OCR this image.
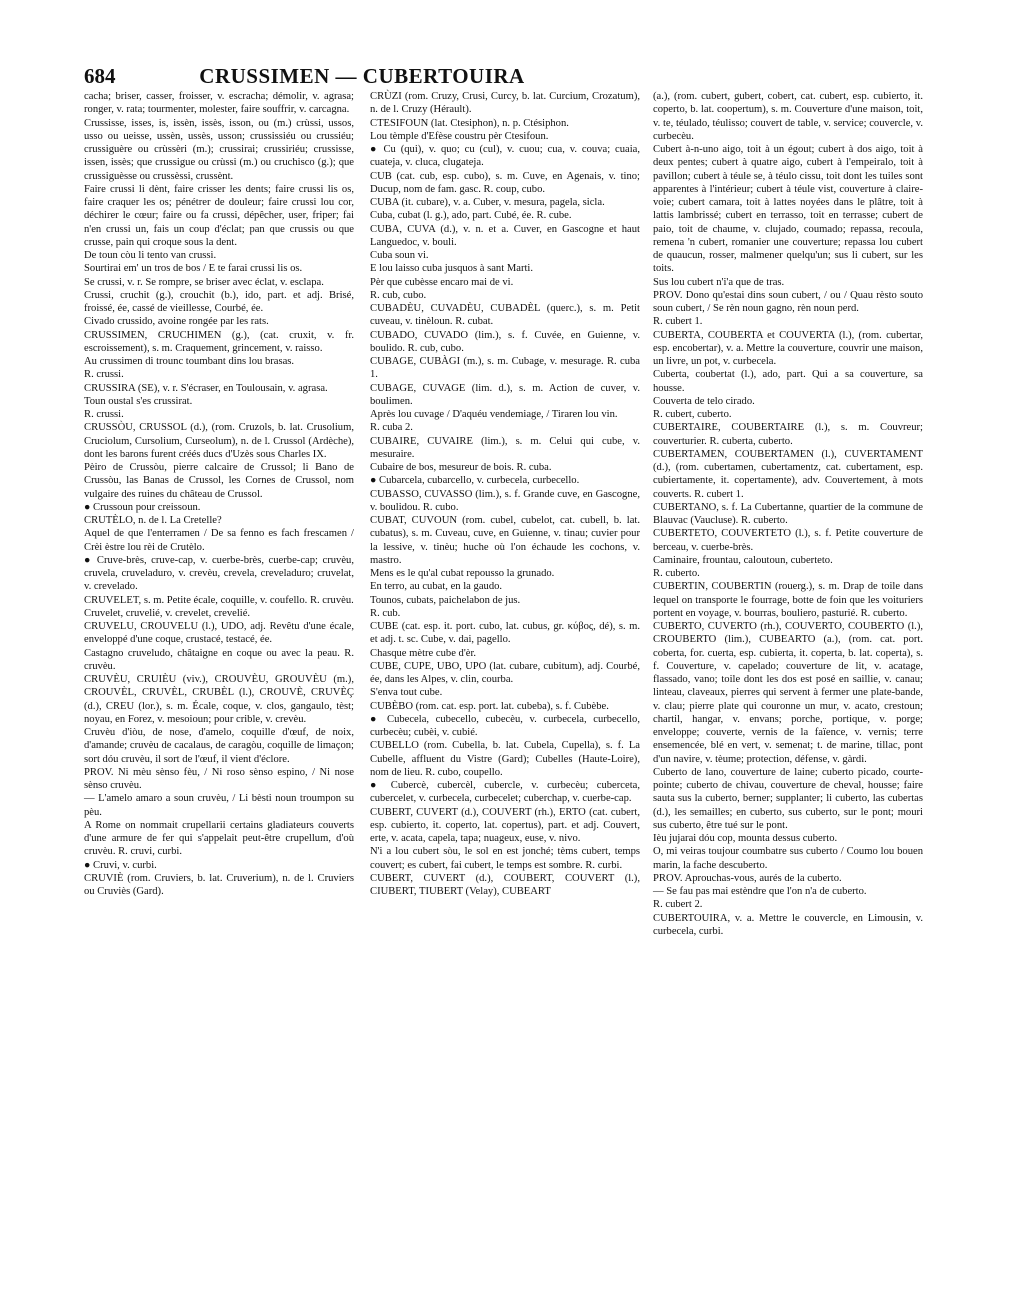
684	CRUSSIMEN — CUBERTOUIRA

cacha; briser, casser, froisser, v. escracha; démolir, v. agrasa; ronger, v. rata; tourmenter, molester, faire souffrir, v. carcagna.

Crussisse, isses, is, issèn, issès, isson, ou (m.) crùssi, ussos, usso ou ueisse, ussèn, ussès, usson; crussissiéu ou crussiéu; crussiguère ou crùssèri (m.); crussirai; crussiriéu; crussisse, issen, issès; que crussigue ou crùssi (m.) ou cruchisco (g.); que crussiguèsse ou crussèssi, crussènt.

Faire crussi li dènt, faire crisser les dents; faire crussi lis os, faire craquer les os; pénétrer de douleur; faire crussi lou cor, déchirer le cœur; faire ou fa crussi, dépêcher, user, friper; fai n'en crussi un, fais un coup d'éclat; pan que crussis ou que crusse, pain qui croque sous la dent.

De toun còu li tento van crussi.

Sourtirai em' un tros de bos / E te farai crussi lis os.

Se crussi, v. r. Se rompre, se briser avec éclat, v. esclapa.

Crussi, cruchit (g.), crouchit (b.), ido, part. et adj. Brisé, froissé, ée, cassé de vieillesse, Courbé, ée.

Civado crussido, avoine rongée par les rats.

CRUSSIMEN, CRUCHIMEN (g.), (cat. cruxit, v. fr. escroissement), s. m. Craquement, grincement, v. raisso.

Au crussimen di trounc toumbant dins lou brasas.

R. crussi.

CRUSSIRA (SE), v. r. S'écraser, en Toulousain, v. agrasa.

Toun oustal s'es crussirat.

R. crussi.

CRUSSÒU, CRUSSOL (d.), (rom. Cruzols, b. lat. Crusolium, Cruciolum, Cursolium, Curseolum), n. de l. Crussol (Ardèche), dont les barons furent créés ducs d'Uzès sous Charles IX.

Pèiro de Crussòu, pierre calcaire de Crussol; li Bano de Crussòu, las Banas de Crussol, les Cornes de Crussol, nom vulgaire des ruines du château de Crussol.

● Crussoun pour creissoun.

CRUTÈLO, n. de l. La Cretelle?

Aquel de que l'enterramen / De sa fenno es fach frescamen / Crèi èstre lou rèi de Crutèlo.

● Cruve-brès, cruve-cap, v. cuerbe-brès, cuerbe-cap; cruvèu, cruvela, cruveladuro, v. crevèu, crevela, creveladuro; cruvelat, v. crevelado.

CRUVELET, s. m. Petite écale, coquille, v. coufello. R. cruvèu.

Cruvelet, cruvelié, v. crevelet, crevelié.

CRUVELU, CROUVELU (l.), UDO, adj. Revêtu d'une écale, enveloppé d'une coque, crustacé, testacé, ée.

Castagno cruveludo, châtaigne en coque ou avec la peau. R. cruvèu.

CRUVÈU, CRUIÈU (viv.), CROUVÈU, GROUVÈU (m.), CROUVÈL, CRUVÈL, CRUBÈL (l.), CROUVÈ, CRUVÈÇ (d.), CREU (lor.), s. m. Écale, coque, v. clos, gangaulo, tèst; noyau, en Forez, v. mesoioun; pour crible, v. crevèu.

Cruvèu d'iòu, de nose, d'amelo, coquille d'œuf, de noix, d'amande; cruvèu de cacalaus, de caragòu, coquille de limaçon; sort dóu cruvèu, il sort de l'œuf, il vient d'éclore.

PROV. Ni mèu sènso fèu, / Ni roso sènso espino, / Ni nose sènso cruvèu.

— L'amelo amaro a soun cruvèu, / Li bèsti noun troumpon su pèu.

A Rome on nommait crupellarii certains gladiateurs couverts d'une armure de fer qui s'appelait peut-être crupellum, d'où cruvèu. R. cruvi, curbi.

● Cruvi, v. curbi.

CRUVIÈ (rom. Cruviers, b. lat. Cruverium), n. de l. Cruviers ou Cruviès (Gard).

CRÙZI (rom. Cruzy, Crusi, Curcy, b. lat. Curcium, Crozatum), n. de l. Cruzy (Hérault).

CTESIFOUN (lat. Ctesiphon), n. p. Ctésiphon.

Lou tèmple d'Efèse coustru pèr Ctesifoun.

● Cu (qui), v. quo; cu (cul), v. cuou; cua, v. couva; cuaia, cuateja, v. cluca, clugateja.

CUB (cat. cub, esp. cubo), s. m. Cuve, en Agenais, v. tino; Ducup, nom de fam. gasc. R. coup, cubo.

CUBA (it. cubare), v. a. Cuber, v. mesura, pagela, sicla.

Cuba, cubat (l. g.), ado, part. Cubé, ée. R. cube.

CUBA, CUVA (d.), v. n. et a. Cuver, en Gascogne et haut Languedoc, v. bouli.

Cuba soun vi.

E lou laisso cuba jusquos à sant Marti.

Pèr que cubèsse encaro mai de vi.

R. cub, cubo.

CUBADÈU, CUVADÈU, CUBADÈL (querc.), s. m. Petit cuveau, v. tinèloun. R. cubat.

CUBADO, CUVADO (lim.), s. f. Cuvée, en Guienne, v. boulido. R. cub, cubo.

CUBAGE, CUBÀGI (m.), s. m. Cubage, v. mesurage. R. cuba 1.

CUBAGE, CUVAGE (lim. d.), s. m. Action de cuver, v. boulimen.

Après lou cuvage / D'aquéu vendemiage, / Tiraren lou vin.

R. cuba 2.

CUBAIRE, CUVAIRE (lim.), s. m. Celui qui cube, v. mesuraire.

Cubaire de bos, mesureur de bois. R. cuba.

● Cubarcela, cubarcello, v. curbecela, curbecello.

CUBASSO, CUVASSO (lim.), s. f. Grande cuve, en Gascogne, v. boulidou. R. cubo.

CUBAT, CUVOUN (rom. cubel, cubelot, cat. cubell, b. lat. cubatus), s. m. Cuveau, cuve, en Guienne, v. tinau; cuvier pour la lessive, v. tinèu; huche où l'on échaude les cochons, v. mastro.

Mens es le qu'al cubat repousso la grunado.

En terro, au cubat, en la gaudo.

Tounos, cubats, paichelabon de jus.

R. cub.

CUBE (cat. esp. it. port. cubo, lat. cubus, gr. κύβος, dé), s. m. et adj. t. sc. Cube, v. dai, pagello.

Chasque mètre cube d'èr.

CUBE, CUPE, UBO, UPO (lat. cubare, cubitum), adj. Courbé, ée, dans les Alpes, v. clin, courba.

S'enva tout cube.

CUBÈBO (rom. cat. esp. port. lat. cubeba), s. f. Cubèbe.

● Cubecela, cubecello, cubecèu, v. curbecela, curbecello, curbecèu; cubèi, v. cubié.

CUBELLO (rom. Cubella, b. lat. Cubela, Cupella), s. f. La Cubelle, affluent du Vistre (Gard); Cubelles (Haute-Loire), nom de lieu. R. cubo, coupello.

● Cubercè, cubercèl, cubercle, v. curbecèu; cuberceta, cubercelet, v. curbecela, curbecelet; cuberchap, v. cuerbe-cap.

CUBERT, CUVERT (d.), COUVERT (rh.), ERTO (cat. cubert, esp. cubierto, it. coperto, lat. copertus), part. et adj. Couvert, erte, v. acata, capela, tapa; nuageux, euse, v. nivo.

N'i a lou cubert sòu, le sol en est jonché; tèms cubert, temps couvert; es cubert, fai cubert, le temps est sombre. R. curbi.

CUBERT, CUVERT (d.), COUBERT, COUVERT (l.), CIUBERT, TIUBERT (Velay), CUBEART

(a.), (rom. cubert, gubert, cobert, cat. cubert, esp. cubierto, it. coperto, b. lat. coopertum), s. m. Couverture d'une maison, toit, v. te, téulado, téulisso; couvert de table, v. service; couvercle, v. curbecèu.

Cubert à-n-uno aigo, toit à un égout; cubert à dos aigo, toit à deux pentes; cubert à quatre aigo, cubert à l'empeiralo, toit à pavillon; cubert à téule se, à téulo cissu, toit dont les tuiles sont apparentes à l'intérieur; cubert à téule vist, couverture à claire-voie; cubert camara, toit à lattes noyées dans le plâtre, toit à lattis lambrissé; cubert en terrasso, toit en terrasse; cubert de paio, toit de chaume, v. clujado, coumado; repassa, recoula, remena 'n cubert, romanier une couverture; repassa lou cubert de quaucun, rosser, malmener quelqu'un; sus li cubert, sur les toits.

Sus lou cubert n'i'a que de tras.

PROV. Dono qu'estai dins soun cubert, / ou / Quau rèsto souto soun cubert, / Se rèn noun gagno, rèn noun perd.

R. cubert 1.

CUBERTA, COUBERTA et COUVERTA (l.), (rom. cubertar, esp. encobertar), v. a. Mettre la couverture, couvrir une maison, un livre, un pot, v. curbecela.

Cuberta, coubertat (l.), ado, part. Qui a sa couverture, sa housse.

Couverta de telo cirado.

R. cubert, cuberto.

CUBERTAIRE, COUBERTAIRE (l.), s. m. Couvreur; couverturier. R. cuberta, cuberto.

CUBERTAMEN, COUBERTAMEN (l.), CUVERTAMENT (d.), (rom. cubertamen, cubertamentz, cat. cubertament, esp. cubiertamente, it. copertamente), adv. Couvertement, à mots couverts. R. cubert 1.

CUBERTANO, s. f. La Cubertanne, quartier de la commune de Blauvac (Vaucluse). R. cuberto.

CUBERTETO, COUVERTETO (l.), s. f. Petite couverture de berceau, v. cuerbe-brès.

Caminaire, frountau, caloutoun, cuberteto.

R. cuberto.

CUBERTIN, COUBERTIN (rouerg.), s. m. Drap de toile dans lequel on transporte le fourrage, botte de foin que les voituriers portent en voyage, v. bourras, bouliero, pasturié. R. cuberto.

CUBERTO, CUVERTO (rh.), COUVERTO, COUBERTO (l.), CROUBERTO (lim.), CUBEARTO (a.), (rom. cat. port. coberta, for. cuerta, esp. cubierta, it. coperta, b. lat. coperta), s. f. Couverture, v. capelado; couverture de lit, v. acatage, flassado, vano; toile dont les dos est posé en saillie, v. canau; linteau, claveaux, pierres qui servent à fermer une plate-bande, v. clau; pierre plate qui couronne un mur, v. acato, crestoun; chartil, hangar, v. envans; porche, portique, v. porge; enveloppe; couverte, vernis de la faïence, v. vernis; terre ensemencée, blé en vert, v. semenat; t. de marine, tillac, pont d'un navire, v. tèume; protection, défense, v. gàrdi.

Cuberto de lano, couverture de laine; cuberto picado, courte-pointe; cuberto de chivau, couverture de cheval, housse; faire sauta sus la cuberto, berner; supplanter; li cuberto, las cubertas (d.), les semailles; en cuberto, sus cuberto, sur le pont; mouri sus cuberto, être tué sur le pont.

Ièu jujarai dóu cop, mounta dessus cuberto.

O, mi veiras toujour coumbatre sus cuberto / Coumo lou bouen marin, la fache descuberto.

PROV. Aprouchas-vous, aurés de la cuberto.

— Se fau pas mai estèndre que l'on n'a de cuberto.

R. cubert 2.

CUBERTOUIRA, v. a. Mettre le couvercle, en Limousin, v. curbecela, curbi.
